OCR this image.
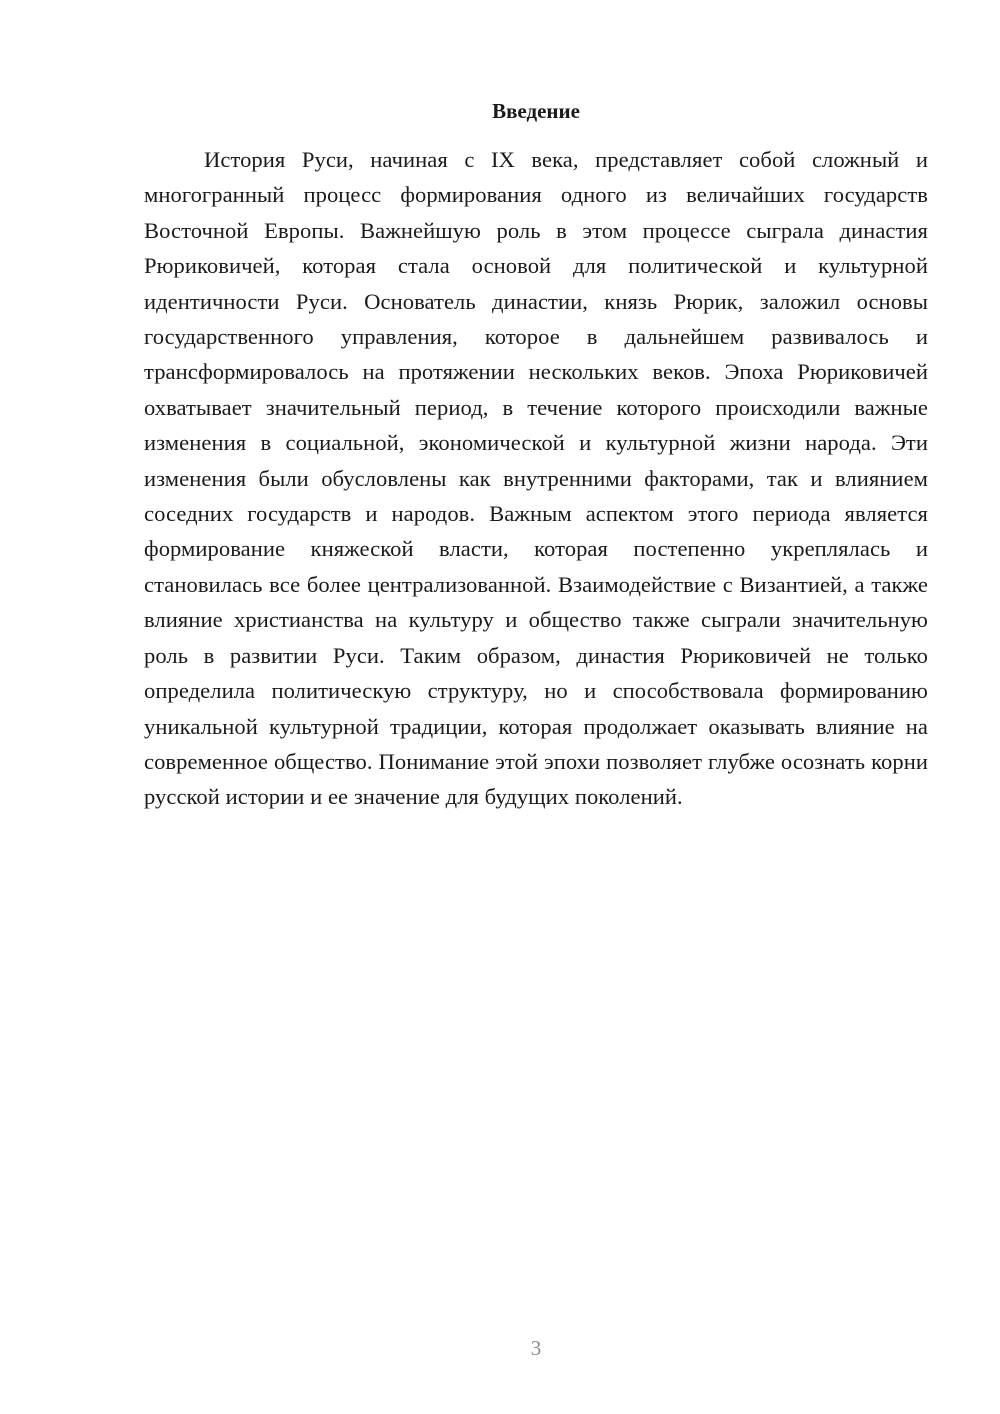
Введение

История Руси, начиная с IX века, представляет собой сложный и многогранный процесс формирования одного из величайших государств Восточной Европы. Важнейшую роль в этом процессе сыграла династия Рюриковичей, которая стала основой для политической и культурной идентичности Руси. Основатель династии, князь Рюрик, заложил основы государственного управления, которое в дальнейшем развивалось и трансформировалось на протяжении нескольких веков. Эпоха Рюриковичей охватывает значительный период, в течение которого происходили важные изменения в социальной, экономической и культурной жизни народа. Эти изменения были обусловлены как внутренними факторами, так и влиянием соседних государств и народов. Важным аспектом этого периода является формирование княжеской власти, которая постепенно укреплялась и становилась все более централизованной. Взаимодействие с Византией, а также влияние христианства на культуру и общество также сыграли значительную роль в развитии Руси. Таким образом, династия Рюриковичей не только определила политическую структуру, но и способствовала формированию уникальной культурной традиции, которая продолжает оказывать влияние на современное общество. Понимание этой эпохи позволяет глубже осознать корни русской истории и ее значение для будущих поколений.

3
